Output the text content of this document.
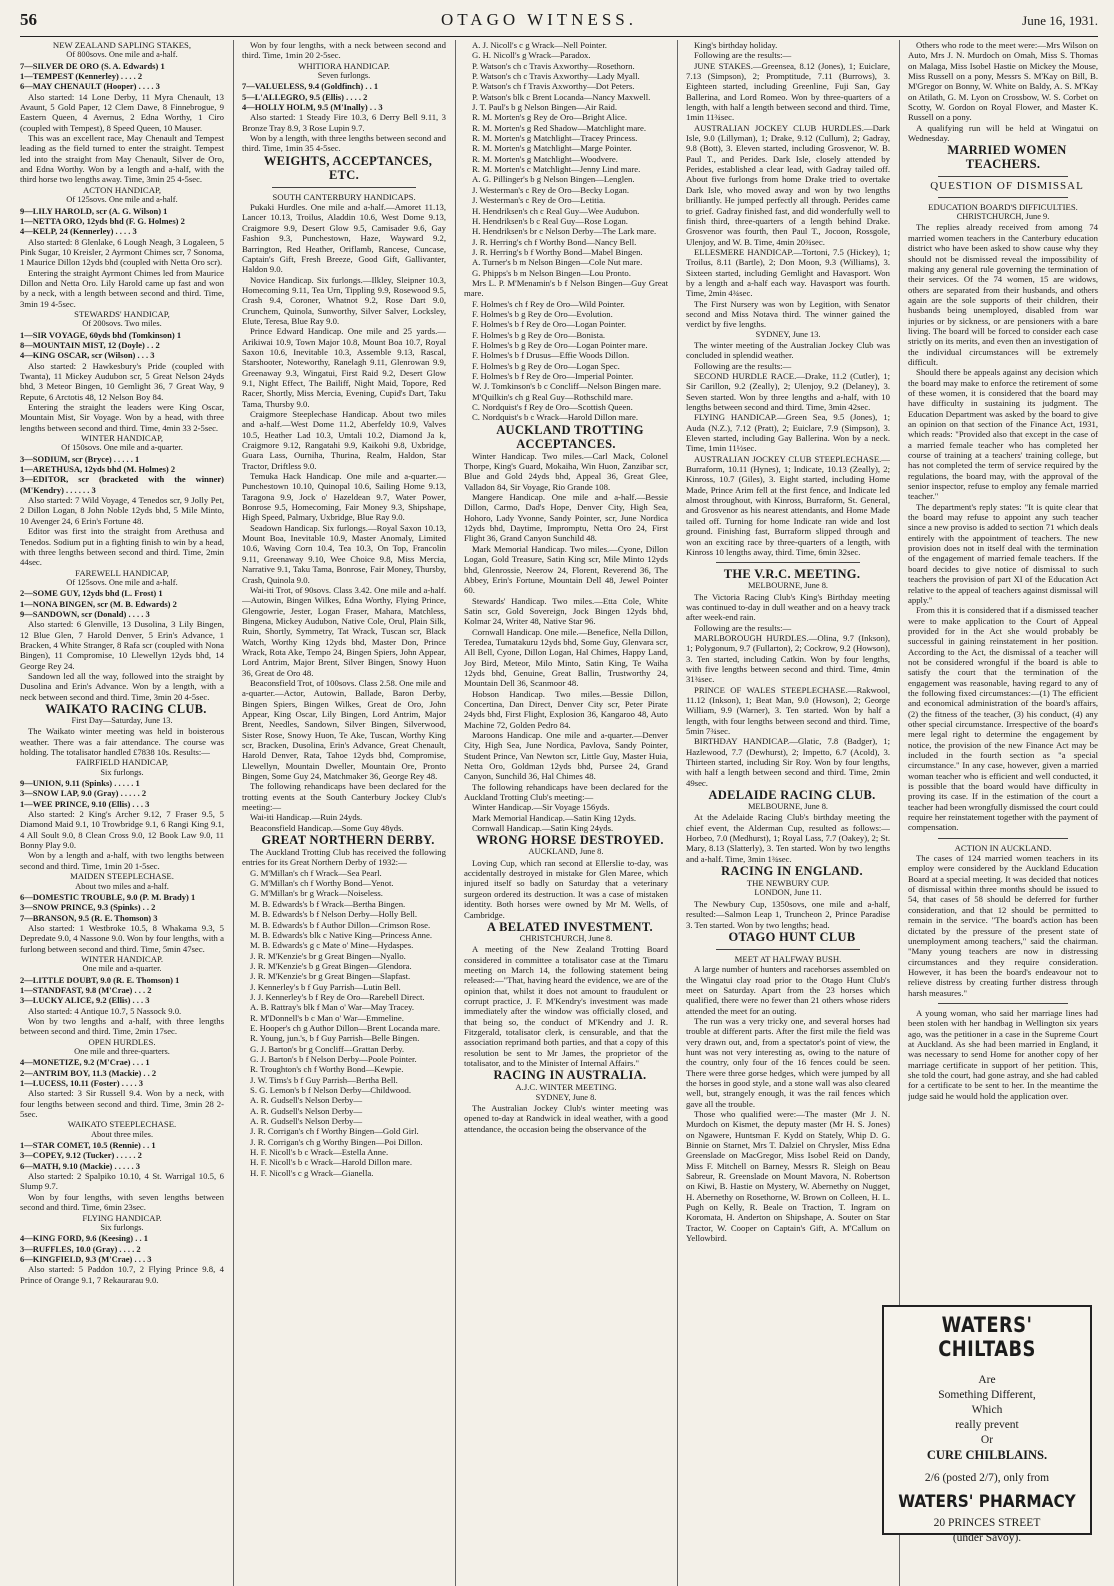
56	OTAGO WITNESS.	June 16, 1931.

NEW ZEALAND SAPLING STAKES,

Of 800sovs. One mile and a-half.

7—SILVER DE ORO (S. A. Edwards) 1

1—TEMPEST (Kennerley) . . . . 2

6—MAY CHENAULT (Hooper) . . . . 3

Also started: 14 Lone Derby, 11 Myra Chenault, 13 Avaunt, 5 Gold Paper, 12 Clem Dawe, 8 Finnebrogue, 9 Eastern Queen, 4 Avernus, 2 Edna Worthy, 1 Ciro (coupled with Tempest), 8 Speed Queen, 10 Mauser.

This was an excellent race, May Chenault and Tempest leading as the field turned to enter the straight. Tempest led into the straight from May Chenault, Silver de Oro, and Edna Worthy. Won by a length and a-half, with the third horse two lengths away. Time, 3min 25 4-5sec.

ACTON HANDICAP,

Of 125sovs. One mile and a-half.

9—LILY HAROLD, scr (A. G. Wilson) 1

1—NETTA ORO, 12yds bhd (F. G. Holmes) 2

4—KELP, 24 (Kennerley) . . . . 3

Also started: 8 Glenlake, 6 Lough Neagh, 3 Logaleen, 5 Pink Sugar, 10 Kreisler, 2 Ayrmont Chimes scr, 7 Sonoma, 1 Maurice Dillon 12yds bhd (coupled with Netta Oro scr).

Entering the straight Ayrmont Chimes led from Maurice Dillon and Netta Oro. Lily Harold came up fast and won by a neck, with a length between second and third. Time, 3min 19 4-5sec.

STEWARDS' HANDICAP,

Of 200sovs. Two miles.

1—SIR VOYAGE, 60yds bhd (Tomkinson) 1

8—MOUNTAIN MIST, 12 (Doyle) . . 2

4—KING OSCAR, scr (Wilson) . . . 3

Also started: 2 Hawkesbury's Pride (coupled with Twanta), 11 Mickey Audubon scr, 5 Great Nelson 24yds bhd, 3 Meteor Bingen, 10 Gemlight 36, 7 Great Way, 9 Repute, 6 Arctotis 48, 12 Nelson Boy 84.

Entering the straight the leaders were King Oscar, Mountain Mist, Sir Voyage. Won by a head, with three lengths between second and third. Time, 4min 33 2-5sec.

WINTER HANDICAP,

Of 150sovs. One mile and a-quarter.

3—SODIUM, scr (Bryce) . . . . . 1

1—ARETHUSA, 12yds bhd (M. Holmes) 2

3—EDITOR, scr (bracketed with the winner) (M'Kendry) . . . . . . 3

Also started: 7 Wild Voyage, 4 Tenedos scr, 9 Jolly Pet, 2 Dillon Logan, 8 John Noble 12yds bhd, 5 Mile Minto, 10 Avenger 24, 6 Erin's Fortune 48.

Editor was first into the straight from Arethusa and Tenedos. Sodium put in a fighting finish to win by a head, with three lengths between second and third. Time, 2min 44sec.

FAREWELL HANDICAP,

Of 125sovs. One mile and a-half.

2—SOME GUY, 12yds bhd (L. Frost) 1

1—NONA BINGEN, scr (M. B. Edwards) 2

9—SANDOWN, scr (Donald) . . . . 3

Also started: 6 Glenville, 13 Dusolina, 3 Lily Bingen, 12 Blue Glen, 7 Harold Denver, 5 Erin's Advance, 1 Bracken, 4 White Stranger, 8 Rafa scr (coupled with Nona Bingen), 11 Compromise, 10 Llewellyn 12yds bhd, 14 George Rey 24.

Sandown led all the way, followed into the straight by Dusolina and Erin's Advance. Won by a length, with a neck between second and third. Time, 3min 20 4-5sec.

WAIKATO RACING CLUB.

First Day—Saturday, June 13.

The Waikato winter meeting was held in boisterous weather. There was a fair attendance. The course was holding. The totalisator handled £7838 10s. Results:—

FAIRFIELD HANDICAP,

Six furlongs.

9—UNION, 9.11 (Spinks) . . . . . 1

3—SNOW LAP, 9.0 (Gray) . . . . . 2

1—WEE PRINCE, 9.10 (Ellis) . . . 3

Also started: 2 King's Archer 9.12, 7 Fraser 9.5, 5 Diamond Maid 9.1, 10 Trowbridge 9.1, 6 Rangi King 9.1, 4 All Soult 9.0, 8 Clean Cross 9.0, 12 Book Law 9.0, 11 Bonny Play 9.0.

Won by a length and a-half, with two lengths between second and third. Time, 1min 20 1-5sec.

MAIDEN STEEPLECHASE.

About two miles and a-half.

6—DOMESTIC TROUBLE, 9.0 (P. M. Brady) 1

3—SNOW PRINCE, 9.3 (Spinks) . . 2

7—BRANSON, 9.5 (R. E. Thomson) 3

Also started: 1 Westbroke 10.5, 8 Whakama 9.3, 5 Depredate 9.0, 4 Nassone 9.0. Won by four lengths, with a furlong between second and third. Time, 5min 47sec.

WINTER HANDICAP.

One mile and a-quarter.

2—LITTLE DOUBT, 9.0 (R. E. Thomson) 1

1—STANDFAST, 9.8 (M'Crae) . . . 2

3—LUCKY ALICE, 9.2 (Ellis) . . . 3

Also started: 4 Antique 10.7, 5 Nassock 9.0.

Won by two lengths and a-half, with three lengths between second and third. Time, 2min 17sec.

OPEN HURDLES.

One mile and three-quarters.

4—MONETIZE, 9.2 (M'Crae) . . . 1

2—ANTRIM BOY, 11.3 (Mackie) . . 2

1—LUCESS, 10.11 (Foster) . . . . 3

Also started: 3 Sir Russell 9.4. Won by a neck, with four lengths between second and third. Time, 3min 28 2-5sec.

WAIKATO STEEPLECHASE.

About three miles.

1—STAR COMET, 10.5 (Rennie) . . 1

3—COPEY, 9.12 (Tucker) . . . . . 2

6—MATH, 9.10 (Mackie) . . . . . 3

Also started: 2 Spalpiko 10.10, 4 St. Warrigal 10.5, 6 Slump 9.7.

Won by four lengths, with seven lengths between second and third. Time, 6min 23sec.

FLYING HANDICAP.

Six furlongs.

4—KING FORD, 9.6 (Keesing) . . 1

3—RUFFLES, 10.0 (Gray) . . . . 2

6—KINGFIELD, 9.3 (M'Crae) . . . 3

Also started: 5 Paddon 10.7, 2 Flying Prince 9.8, 4 Prince of Orange 9.1, 7 Rekaurarau 9.0.

Won by four lengths, with a neck between second and third. Time, 1min 20 2-5sec.

WHITIORA HANDICAP.

Seven furlongs.

7—VALUELESS, 9.4 (Goldfinch) . . 1

5—L'ALLEGRO, 9.5 (Ellis) . . . . 2

4—HOLLY HOLM, 9.5 (M'Inally) . . 3

Also started: 1 Steady Fire 10.3, 6 Derry Bell 9.11, 3 Bronze Tray 8.9, 3 Rose Lupin 9.7.

Won by a length, with three lengths between second and third. Time, 1min 35 4-5sec.

WEIGHTS, ACCEPTANCES, ETC.

SOUTH CANTERBURY HANDICAPS.

Pukaki Hurdles. One mile and a-half.—Amoret 11.13, Lancer 10.13, Troilus, Aladdin 10.6, West Dome 9.13, Craigmore 9.9, Desert Glow 9.5, Camisader 9.6, Gay Fashion 9.3, Punchestown, Haze, Wayward 9.2, Barrington, Red Heather, Oriflamb, Rancese, Cuncase, Captain's Gift, Fresh Breeze, Good Gift, Gallivanter, Haldon 9.0.

Novice Handicap. Six furlongs.—Ilkley, Sleipner 10.3, Homecoming 9.11, Tea Urn, Tippling 9.9, Rosewood 9.5, Crash 9.4, Coroner, Whatnot 9.2, Rose Dart 9.0, Crunchem, Quinola, Sunworthy, Silver Salver, Locksley, Elute, Teresa, Blue Ray 9.0.

Prince Edward Handicap. One mile and 25 yards.—Arikiwai 10.9, Town Major 10.8, Mount Boa 10.7, Royal Saxon 10.6, Inevitable 10.3, Assemble 9.13, Rascal, Starshooter, Noteworthy, Ranelagh 9.11, Glenrowan 9.9, Greenaway 9.3, Wingatui, First Raid 9.2, Desert Glow 9.1, Night Effect, The Bailiff, Night Maid, Topore, Red Racer, Shortly, Miss Mercia, Evening, Cupid's Dart, Taku Tama, Thursby 9.0.

Craigmore Steeplechase Handicap. About two miles and a-half.—West Dome 11.2, Aberfeldy 10.9, Valves 10.5, Heather Lad 10.3, Umtali 10.2, Diamond Ja k, Craigmore 9.12, Rangatahi 9.9, Kaikohi 9.8, Uxbridge, Guara Lass, Ourniha, Thurina, Realm, Haldon, Star Tractor, Driftless 9.0.

Temuka Hack Handicap. One mile and a-quarter.—Punchestown 10.10, Quinopal 10.6, Sailing Home 9.13, Taragona 9.9, Jock o' Hazeldean 9.7, Water Power, Bonrose 9.5, Homecoming, Fair Money 9.3, Shipshape, High Speed, Palmary, Uxbridge, Blue Ray 9.0.

Seadown Handicap. Six furlongs.—Royal Saxon 10.13, Mount Boa, Inevitable 10.9, Master Anomaly, Limited 10.6, Waving Corn 10.4, Tea 10.3, On Top, Francolin 9.11, Greenaway 9.10, Wee Choice 9.8, Miss Mercia, Narrative 9.1, Taku Tama, Bonrose, Fair Money, Thursby, Crash, Quinola 9.0.

Wai-iti Trot, of 90sovs. Class 3.42. One mile and a-half.—Autowin, Bingen Wilkes, Edna Worthy, Flying Prince, Glengowrie, Jester, Logan Fraser, Mahara, Matchless, Bingena, Mickey Audubon, Native Cole, Orul, Plain Silk, Ruin, Shortly, Symmetry, Tat Wrack, Tuscan scr, Black Watch, Worthy King 12yds bhd, Master Don, Prince Wrack, Rota Ake, Tempo 24, Bingen Spiers, John Appear, Lord Antrim, Major Brent, Silver Bingen, Snowy Huon 36, Great de Oro 48.

Beaconsfield Trot, of 100sovs. Class 2.58. One mile and a-quarter.—Actor, Autowin, Ballade, Baron Derby, Bingen Spiers, Bingen Wilkes, Great de Oro, John Appear, King Oscar, Lily Bingen, Lord Antrim, Major Brent, Needles, Sandown, Silver Bingen, Silverwood, Sister Rose, Snowy Huon, Te Ake, Tuscan, Worthy King scr, Bracken, Dusolina, Erin's Advance, Great Chenault, Harold Denver, Rata, Tahoe 12yds bhd, Compromise, Llewellyn, Mountain Dweller, Mountain Ore, Pronto Bingen, Some Guy 24, Matchmaker 36, George Rey 48.

The following rehandicaps have been declared for the trotting events at the South Canterbury Jockey Club's meeting:—

Wai-iti Handicap.—Ruin 24yds.

Beaconsfield Handicap.—Some Guy 48yds.

GREAT NORTHERN DERBY.

The Auckland Trotting Club has received the following entries for its Great Northern Derby of 1932:—

G. M'Millan's ch f Wrack—Sea Pearl.

G. M'Millan's ch f Worthy Bond—Yenot.

G. M'Millan's br g Wrack—Noiseless.

M. B. Edwards's b f Wrack—Bertha Bingen.

M. B. Edwards's b f Nelson Derby—Holly Bell.

M. B. Edwards's b f Author Dillon—Crimson Rose.

M. B. Edwards's blk c Native King—Princess Anne.

M. B. Edwards's g c Mate o' Mine—Hydaspes.

J. R. M'Kenzie's br g Great Bingen—Nyallo.

J. R. M'Kenzie's b g Great Bingen—Glendora.

J. R. M'Kenzie's br g Great Bingen—Slapfast.

J. Kennerley's b f Guy Parrish—Lutin Bell.

J. J. Kennerley's b f Rey de Oro—Rarebell Direct.

A. B. Rattray's blk f Man o' War—May Tracey.

R. M'Donnell's b c Man o' War—Emmeline.

E. Hooper's ch g Author Dillon—Brent Locanda mare.

R. Young, jun.'s, b f Guy Parrish—Belle Bingen.

G. J. Barton's br g Concliff—Grattan Derby.

G. J. Barton's b f Nelson Derby—Poole Pointer.

R. Troughton's ch f Worthy Bond—Kewpie.

J. W. Tims's b f Guy Parrish—Bertha Bell.

S. G. Lemon's b f Nelson Derby—Childwood.

A. R. Gudsell's Nelson Derby—

A. R. Gudsell's Nelson Derby—

A. R. Gudsell's Nelson Derby—

J. R. Corrigan's ch f Worthy Bingen—Gold Girl.

J. R. Corrigan's ch g Worthy Bingen—Poi Dillon.

H. F. Nicoll's b c Wrack—Estella Anne.

H. F. Nicoll's b c Wrack—Harold Dillon mare.

H. F. Nicoll's c g Wrack—Gianella.

A. J. Nicoll's c g Wrack—Nell Pointer.

G. H. Nicoll's g Wrack—Paradox.

P. Watson's ch c Travis Axworthy—Rosethorn.

P. Watson's ch c Travis Axworthy—Lady Myall.

P. Watson's ch f Travis Axworthy—Dot Peters.

P. Watson's blk c Brent Locanda—Nancy Maxwell.

J. T. Paul's b g Nelson Bingen—Air Raid.

R. M. Morten's g Rey de Oro—Bright Alice.

R. M. Morten's g Red Shadow—Matchlight mare.

R. M. Morten's g Matchlight—Tracey Princess.

R. M. Morten's g Matchlight—Marge Pointer.

R. M. Morten's g Matchlight—Woodvere.

R. M. Morten's c Matchlight—Jenny Lind mare.

A. G. Pillinger's b g Nelson Bingen—Lenglen.

J. Westerman's c Rey de Oro—Becky Logan.

J. Westerman's c Rey de Oro—Letitia.

H. Hendriksen's ch c Real Guy—Wee Audubon.

H. Hendriksen's b c Real Guy—Rose Logan.

H. Hendriksen's br c Nelson Derby—The Lark mare.

J. R. Herring's ch f Worthy Bond—Nancy Bell.

J. R. Herring's b f Worthy Bond—Mabel Bingen.

A. Turner's b m Nelson Bingen—Cole Nut mare.

G. Phipps's b m Nelson Bingen—Lou Pronto.

Mrs L. P. M'Menamin's b f Nelson Bingen—Guy Great mare.

F. Holmes's ch f Rey de Oro—Wild Pointer.

F. Holmes's b g Rey de Oro—Evolution.

F. Holmes's b f Rey de Oro—Logan Pointer.

F. Holmes's b g Rey de Oro—Bonista.

F. Holmes's b g Rey de Oro—Logan Pointer mare.

F. Holmes's b f Drusus—Effie Woods Dillon.

F. Holmes's b g Rey de Oro—Logan Spec.

F. Holmes's b f Rey de Oro—Imperial Pointer.

W. J. Tomkinson's b c Concliff—Nelson Bingen mare.

M'Quilkin's ch g Real Guy—Rothschild mare.

C. Nordquist's f Rey de Oro—Scottish Queen.

C. Nordquist's b c Wrack—Harold Dillon mare.

AUCKLAND TROTTING ACCEPTANCES.

Winter Handicap. Two miles.—Carl Mack, Colonel Thorpe, King's Guard, Mokaiha, Win Huon, Zanzibar scr, Blue and Gold 24yds bhd, Appeal 36, Great Glee, Valladon 84, Sir Voyage, Rio Grande 108.

Mangere Handicap. One mile and a-half.—Bessie Dillon, Carmo, Dad's Hope, Denver City, High Sea, Hohoro, Lady Yvonne, Sandy Pointer, scr, June Nordica 12yds bhd, Daytime, Impromptu, Netta Oro 24, First Flight 36, Grand Canyon Sunchild 48.

Mark Memorial Handicap. Two miles.—Cyone, Dillon Logan, Gold Treasure, Satin King scr, Mile Minto 12yds bhd, Glenrossie, Neerow 24, Florent, Reverend 36, The Abbey, Erin's Fortune, Mountain Dell 48, Jewel Pointer 60.

Stewards' Handicap. Two miles.—Etta Cole, White Satin scr, Gold Sovereign, Jock Bingen 12yds bhd, Kolmar 24, Writer 48, Native Star 96.

Cornwall Handicap. One mile.—Benefice, Nella Dillon, Teredea, Tumatakuru 12yds bhd, Some Guy, Glenvara scr, All Bell, Cyone, Dillon Logan, Hal Chimes, Happy Land, Joy Bird, Meteor, Milo Minto, Satin King, Te Waiha 12yds bhd, Genuine, Great Ballin, Trustworthy 24, Mountain Dell 36, Scanmoor 48.

Hobson Handicap. Two miles.—Bessie Dillon, Concertina, Dan Direct, Denver City scr, Peter Pirate 24yds bhd, First Flight, Explosion 36, Kangaroo 48, Auto Machine 72, Golden Pedro 84.

Maroons Handicap. One mile and a-quarter.—Denver City, High Sea, June Nordica, Pavlova, Sandy Pointer, Student Prince, Van Newton scr, Little Guy, Master Huia, Netta Oro, Goldman 12yds bhd, Pursee 24, Grand Canyon, Sunchild 36, Hal Chimes 48.

The following rehandicaps have been declared for the Auckland Trotting Club's meeting:—

Winter Handicap.—Sir Voyage 156yds.

Mark Memorial Handicap.—Satin King 12yds.

Cornwall Handicap.—Satin King 24yds.

WRONG HORSE DESTROYED.

AUCKLAND, June 8.

Loving Cup, which ran second at Ellerslie to-day, was accidentally destroyed in mistake for Glen Maree, which injured itself so badly on Saturday that a veterinary surgeon ordered its destruction. It was a case of mistaken identity. Both horses were owned by Mr M. Wells, of Cambridge.

A BELATED INVESTMENT.

CHRISTCHURCH, June 8.

A meeting of the New Zealand Trotting Board considered in committee a totalisator case at the Timaru meeting on March 14, the following statement being released:—"That, having heard the evidence, we are of the opinion that, whilst it does not amount to fraudulent or corrupt practice, J. F. M'Kendry's investment was made immediately after the window was officially closed, and that being so, the conduct of M'Kendry and J. R. Fitzgerald, totalisator clerk, is censurable, and that the association reprimand both parties, and that a copy of this resolution be sent to Mr James, the proprietor of the totalisator, and to the Minister of Internal Affairs."

RACING IN AUSTRALIA.

A.J.C. WINTER MEETING.

SYDNEY, June 8.

The Australian Jockey Club's winter meeting was opened to-day at Randwick in ideal weather, with a good attendance, the occasion being the observance of the

King's birthday holiday.

Following are the results:—

JUNE STAKES.—Greensea, 8.12 (Jones), 1; Euiclare, 7.13 (Simpson), 2; Promptitude, 7.11 (Burrows), 3. Eighteen started, including Greenline, Fuji San, Gay Ballerina, and Lord Romeo. Won by three-quarters of a length, with half a length between second and third. Time, 1min 11¾sec.

AUSTRALIAN JOCKEY CLUB HURDLES.—Dark Isle, 9.0 (Lillyman), 1; Drake, 9.12 (Cullum), 2; Gadray, 9.8 (Bott), 3. Eleven started, including Grosvenor, W. B. Paul T., and Perides. Dark Isle, closely attended by Perides, established a clear lead, with Gadray tailed off. About five furlongs from home Drake tried to overtake Dark Isle, who moved away and won by two lengths brilliantly. He jumped perfectly all through. Perides came to grief. Gadray finished fast, and did wonderfully well to finish third, three-quarters of a length behind Drake. Grosvenor was fourth, then Paul T., Jocoon, Rossgole, Ulenjoy, and W. B. Time, 4min 20¾sec.

ELLESMERE HANDICAP.—Tortoni, 7.5 (Hickey), 1; Troilus, 8.11 (Bartle), 2; Don Moon, 9.3 (Williams), 3. Sixteen started, including Gemlight and Havasport. Won by a length and a-half each way. Havasport was fourth. Time, 2min 4¾sec.

The First Nursery was won by Legition, with Senator second and Miss Notava third. The winner gained the verdict by five lengths.

SYDNEY, June 13.

The winter meeting of the Australian Jockey Club was concluded in splendid weather.

Following are the results:—

SECOND HURDLE RACE.—Drake, 11.2 (Cutler), 1; Sir Carillon, 9.2 (Zeally), 2; Ulenjoy, 9.2 (Delaney), 3. Seven started. Won by three lengths and a-half, with 10 lengths between second and third. Time, 3min 42sec.

FLYING HANDICAP.—Green Sea, 9.5 (Jones), 1; Auda (N.Z.), 7.12 (Pratt), 2; Euiclare, 7.9 (Simpson), 3. Eleven started, including Gay Ballerina. Won by a neck. Time, 1min 11½sec.

AUSTRALIAN JOCKEY CLUB STEEPLECHASE.—Burraform, 10.11 (Hynes), 1; Indicate, 10.13 (Zeally), 2; Kinross, 10.7 (Giles), 3. Eight started, including Home Made, Prince Arim fell at the first fence, and Indicate led almost throughout, with Kinross, Burraform, St. General, and Grosvenor as his nearest attendants, and Home Made tailed off. Turning for home Indicate ran wide and lost ground. Finishing fast, Burraform slipped through and won an exciting race by three-quarters of a length, with Kinross 10 lengths away, third. Time, 6min 32sec.

THE V.R.C. MEETING.

MELBOURNE, June 8.

The Victoria Racing Club's King's Birthday meeting was continued to-day in dull weather and on a heavy track after week-end rain.

Following are the results:—

MARLBOROUGH HURDLES.—Olina, 9.7 (Inkson), 1; Polygonum, 9.7 (Fullarton), 2; Cockrow, 9.2 (Howson), 3. Ten started, including Catkin. Won by four lengths, with five lengths between second and third. Time, 4min 31¾sec.

PRINCE OF WALES STEEPLECHASE.—Rakwool, 11.12 (Inkson), 1; Beat Man, 9.0 (Howson), 2; George William, 9.9 (Warner), 3. Ten started. Won by half a length, with four lengths between second and third. Time, 5min 7¾sec.

BIRTHDAY HANDICAP.—Glatic, 7.8 (Badger), 1; Hazlewood, 7.7 (Dewhurst), 2; Impetto, 6.7 (Acold), 3. Thirteen started, including Sir Roy. Won by four lengths, with half a length between second and third. Time, 2min 49sec.

ADELAIDE RACING CLUB.

MELBOURNE, June 8.

At the Adelaide Racing Club's birthday meeting the chief event, the Alderman Cup, resulted as follows:—Horbeo, 7.0 (Medhurst), 1; Royal Lass, 7.7 (Oakey), 2; St. Mary, 8.13 (Slatterly), 3. Ten started. Won by two lengths and a-half. Time, 3min 1¾sec.

RACING IN ENGLAND.

THE NEWBURY CUP.

LONDON, June 11.

The Newbury Cup, 1350sovs, one mile and a-half, resulted:—Salmon Leap 1, Truncheon 2, Prince Paradise 3. Ten started. Won by two lengths; head.

OTAGO HUNT CLUB

MEET AT HALFWAY BUSH.

A large number of hunters and racehorses assembled on the Wingatui clay road prior to the Otago Hunt Club's meet on Saturday. Apart from the 23 horses which qualified, there were no fewer than 21 others whose riders attended the meet for an outing.

The run was a very tricky one, and several horses had trouble at different parts. After the first mile the field was very drawn out, and, from a spectator's point of view, the hunt was not very interesting as, owing to the nature of the country, only four of the 16 fences could be seen. There were three gorse hedges, which were jumped by all the horses in good style, and a stone wall was also cleared well, but, strangely enough, it was the rail fences which gave all the trouble.

Those who qualified were:—The master (Mr J. N. Murdoch on Kismet, the deputy master (Mr H. S. Jones) on Ngawere, Huntsman F. Kydd on Stately, Whip D. G. Binnie on Starnet, Mrs T. Dalziel on Chrysler, Miss Edna Greenslade on MacGregor, Miss Isobel Reid on Dandy, Miss F. Mitchell on Barney, Messrs R. Sleigh on Beau Sabreur, R. Greenslade on Mount Mavora, N. Robertson on Kiwi, B. Hastie on Mystery, W. Abernethy on Nugget, H. Abernethy on Rosethorne, W. Brown on Colleen, H. L. Pugh on Kelly, R. Beale on Traction, T. Ingram on Koromata, H. Anderton on Shipshape, A. Souter on Star Tractor, W. Cooper on Captain's Gift, A. M'Callum on Yellowbird.

Others who rode to the meet were:—Mrs Wilson on Auto, Mrs J. N. Murdoch on Omah, Miss S. Thomas on Malaga, Miss Isobel Hastie on Mickey the Mouse, Miss Russell on a pony, Messrs S. M'Kay on Bill, B. M'Gregor on Bonny, W. White on Baldy, A. S. M'Kay on Atilath, G. M. Lyon on Crossbow, W. S. Corbet on Scotty, W. Gordon on Royal Flower, and Master K. Russell on a pony.

A qualifying run will be held at Wingatui on Wednesday.

MARRIED WOMEN TEACHERS.

QUESTION OF DISMISSAL

EDUCATION BOARD'S DIFFICULTIES.

CHRISTCHURCH, June 9.

The replies already received from among 74 married women teachers in the Canterbury education district who have been asked to show cause why they should not be dismissed reveal the impossibility of making any general rule governing the termination of their services. Of the 74 women, 15 are widows, others are separated from their husbands, and others again are the sole supports of their children, their husbands being unemployed, disabled from war injuries or by sickness, or are pensioners with a bare living. The board will be forced to consider each case strictly on its merits, and even then an investigation of the individual circumstances will be extremely difficult.

Should there be appeals against any decision which the board may make to enforce the retirement of some of these women, it is considered that the board may have difficulty in sustaining its judgment. The Education Department was asked by the board to give an opinion on that section of the Finance Act, 1931, which reads: "Provided also that except in the case of a married female teacher who has completed her course of training at a teachers' training college, but has not completed the term of service required by the regulations, the board may, with the approval of the senior inspector, refuse to employ any female married teacher."

The department's reply states: "It is quite clear that the board may refuse to appoint any such teacher since a new proviso is added to section 71 which deals entirely with the appointment of teachers. The new provision does not in itself deal with the termination of the engagement of married female teachers. If the board decides to give notice of dismissal to such teachers the provision of part XI of the Education Act relative to the appeal of teachers against dismissal will apply."

From this it is considered that if a dismissed teacher were to make application to the Court of Appeal provided for in the Act she would probably be successful in gaining reinstatement in her position. According to the Act, the dismissal of a teacher will not be considered wrongful if the board is able to satisfy the court that the termination of the engagement was reasonable, having regard to any of the following fixed circumstances:—(1) The efficient and economical administration of the board's affairs, (2) the fitness of the teacher, (3) his conduct, (4) any other special circumstance. Irrespective of the board's mere legal right to determine the engagement by notice, the provision of the new Finance Act may be included in the fourth section as "a special circumstance." In any case, however, given a married woman teacher who is efficient and well conducted, it is possible that the board would have difficulty in proving its case. If in the estimation of the court a teacher had been wrongfully dismissed the court could require her reinstatement together with the payment of compensation.

ACTION IN AUCKLAND.

The cases of 124 married women teachers in its employ were considered by the Auckland Education Board at a special meeting. It was decided that notices of dismissal within three months should be issued to 54, that cases of 58 should be deferred for further consideration, and that 12 should be permitted to remain in the service. "The board's action has been dictated by the pressure of the present state of unemployment among teachers," said the chairman. "Many young teachers are now in distressing circumstances and they require consideration. However, it has been the board's endeavour not to relieve distress by creating further distress through harsh measures."

A young woman, who said her marriage lines had been stolen with her handbag in Wellington six years ago, was the petitioner in a case in the Supreme Court at Auckland. As she had been married in England, it was necessary to send Home for another copy of her marriage certificate in support of her petition. This, she told the court, had gone astray, and she had cabled for a certificate to be sent to her. In the meantime the judge said he would hold the application over.

WATERS' CHILTABS
Are
Something Different,
Which
really prevent
Or
CURE CHILBLAINS.
2/6 (posted 2/7), only from
WATERS' PHARMACY
20 PRINCES STREET
(under Savoy).
